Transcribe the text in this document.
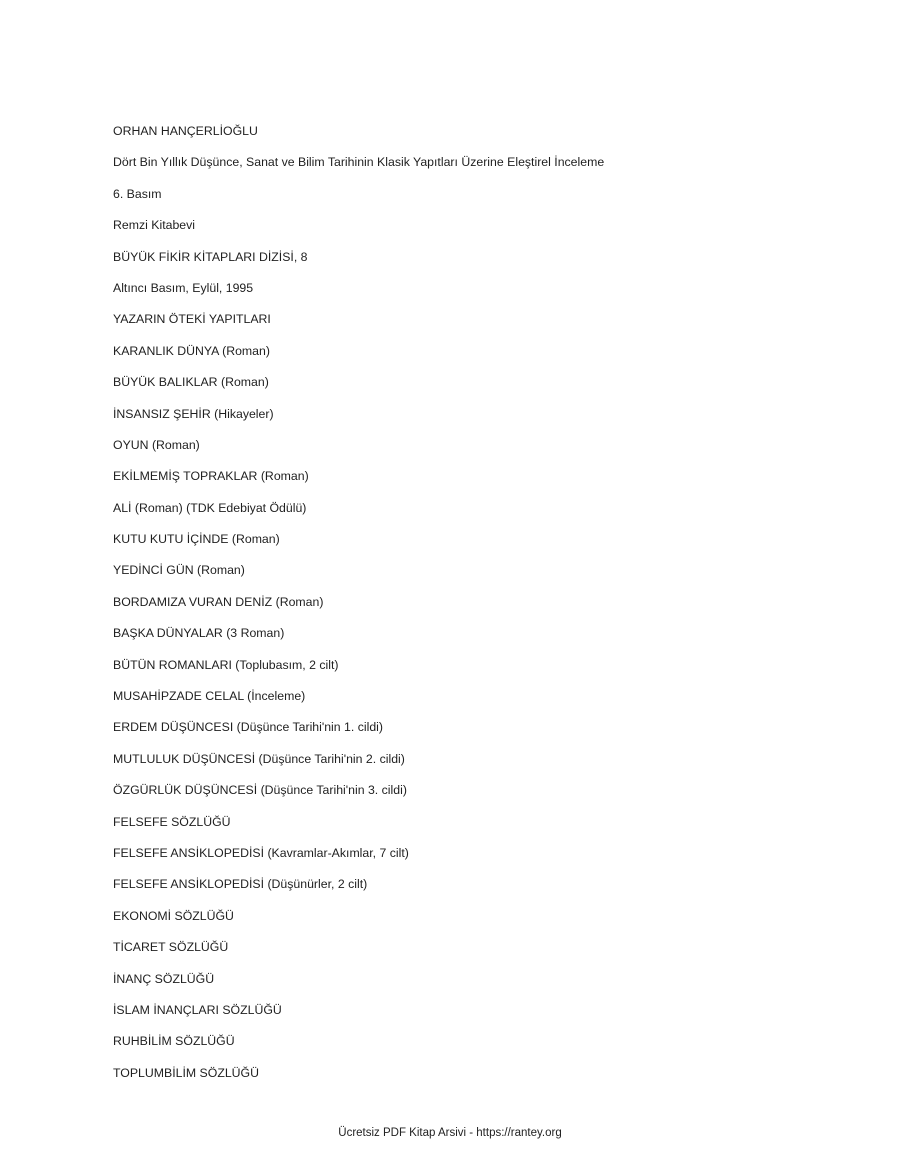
ORHAN HANÇERLİOĞLU
Dört Bin Yıllık Düşünce, Sanat ve Bilim Tarihinin Klasik Yapıtları Üzerine Eleştirel İnceleme
6. Basım
Remzi Kitabevi
BÜYÜK FİKİR KİTAPLARI DİZİSİ, 8
Altıncı Basım, Eylül, 1995
YAZARIN ÖTEKİ YAPITLARI
KARANLIK DÜNYA (Roman)
BÜYÜK BALIKLAR (Roman)
İNSANSIZ ŞEHİR (Hikayeler)
OYUN (Roman)
EKİLMEMİŞ TOPRAKLAR (Roman)
ALİ (Roman) (TDK Edebiyat Ödülü)
KUTU KUTU İÇİNDE (Roman)
YEDİNCİ GÜN (Roman)
BORDAMIZA VURAN DENİZ (Roman)
BAŞKA DÜNYALAR (3 Roman)
BÜTÜN ROMANLARI (Toplubasım, 2 cilt)
MUSAHİPZADE CELAL (İnceleme)
ERDEM DÜŞÜNCESI (Düşünce Tarihi'nin 1. cildi)
MUTLULUK DÜŞÜNCESİ (Düşünce Tarihi'nin 2. cildi)
ÖZGÜRLÜK DÜŞÜNCESİ (Düşünce Tarihi'nin 3. cildi)
FELSEFE SÖZLÜĞÜ
FELSEFE ANSİKLOPEDİSİ (Kavramlar-Akımlar, 7 cilt)
FELSEFE ANSİKLOPEDİSİ (Düşünürler, 2 cilt)
EKONOMİ SÖZLÜĞÜ
TİCARET SÖZLÜĞÜ
İNANÇ SÖZLÜĞÜ
İSLAM İNANÇLARI SÖZLÜĞÜ
RUHBİLİM SÖZLÜĞÜ
TOPLUMBİLİM SÖZLÜĞÜ
Ücretsiz PDF Kitap Arsivi - https://rantey.org
